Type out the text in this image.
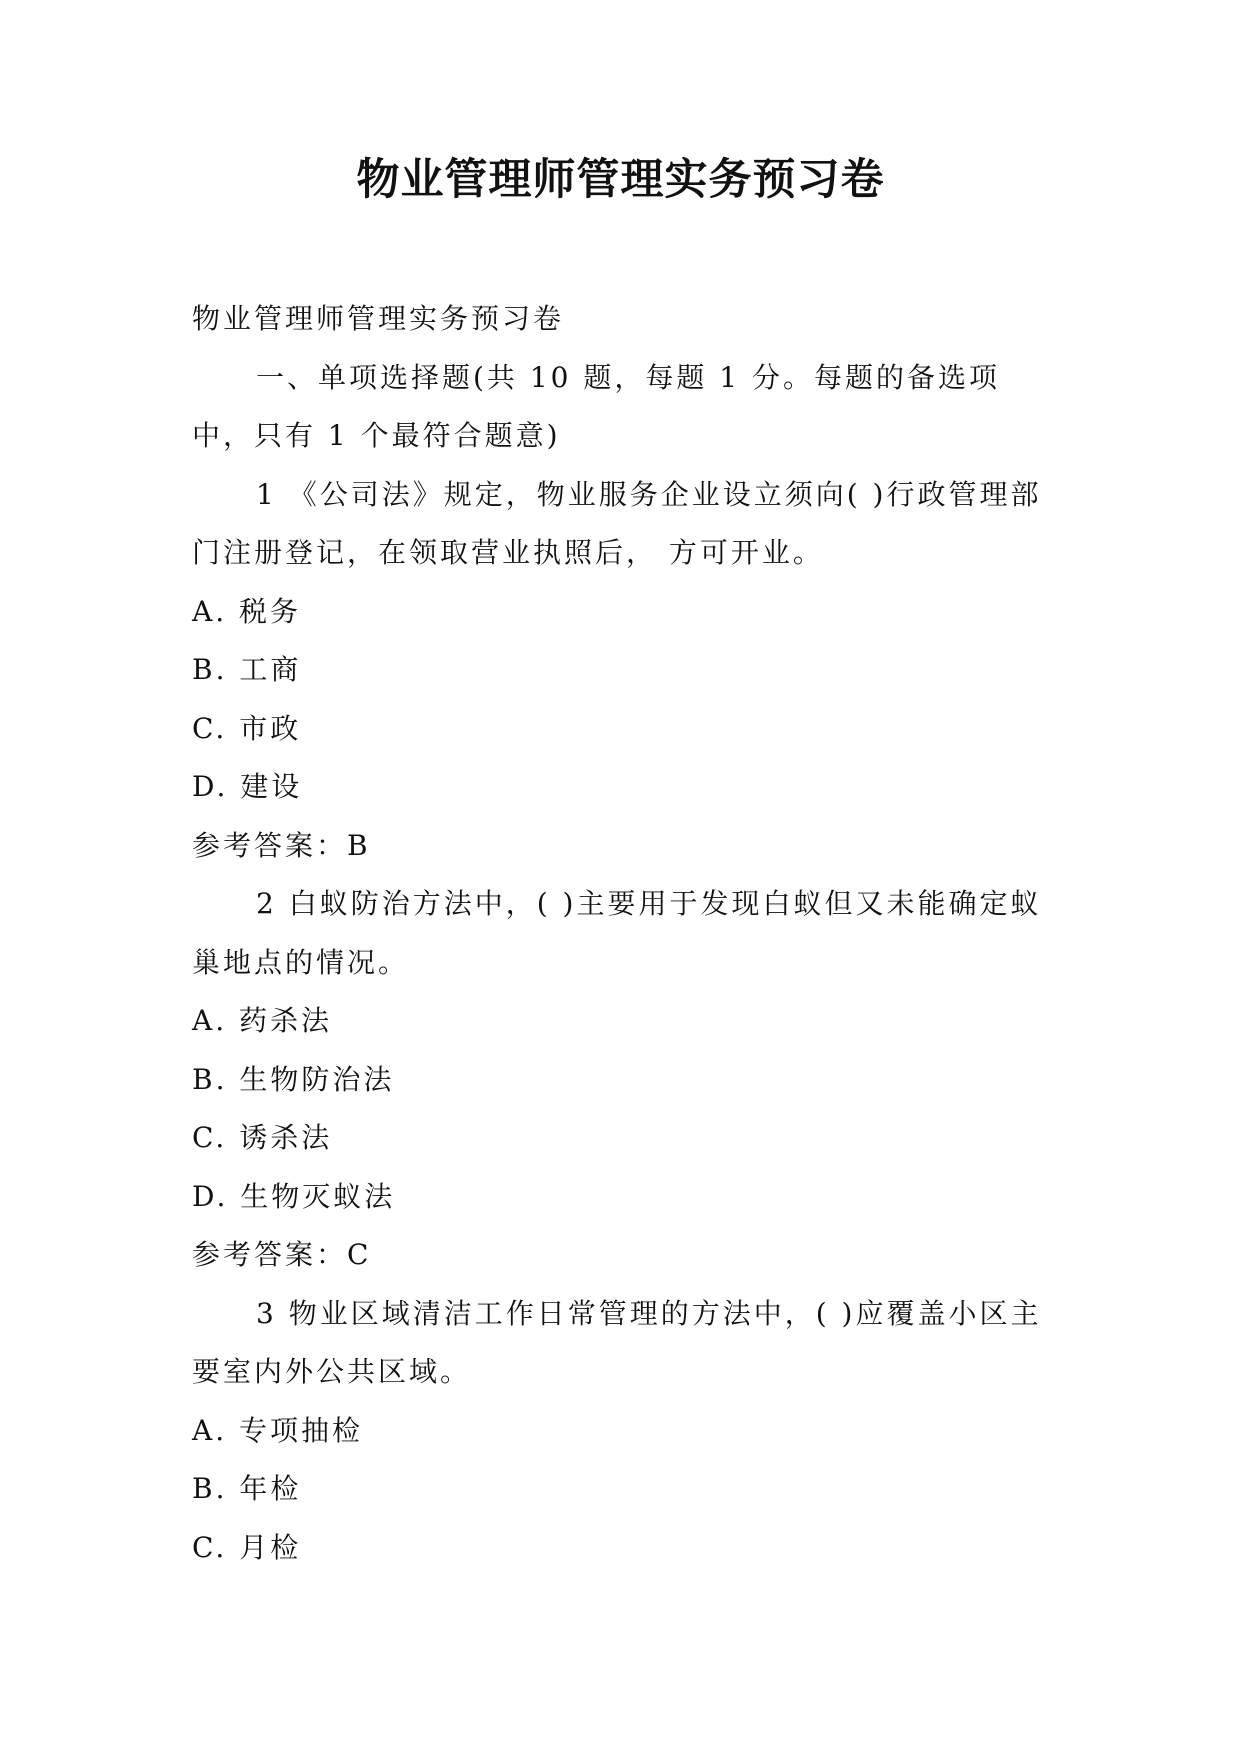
物业管理师管理实务预习卷

物业管理师管理实务预习卷

一、单项选择题(共 10 题，每题 1 分。每题的备选项中，只有 1 个最符合题意)

1 《公司法》规定，物业服务企业设立须向( )行政管理部门注册登记，在领取营业执照后， 方可开业。

A. 税务

B. 工商

C. 市政

D. 建设

参考答案：B

2 白蚁防治方法中，( )主要用于发现白蚁但又未能确定蚁巢地点的情况。

A. 药杀法

B. 生物防治法

C. 诱杀法

D. 生物灭蚁法

参考答案：C

3 物业区域清洁工作日常管理的方法中，( )应覆盖小区主要室内外公共区域。

A. 专项抽检

B. 年检

C. 月检
